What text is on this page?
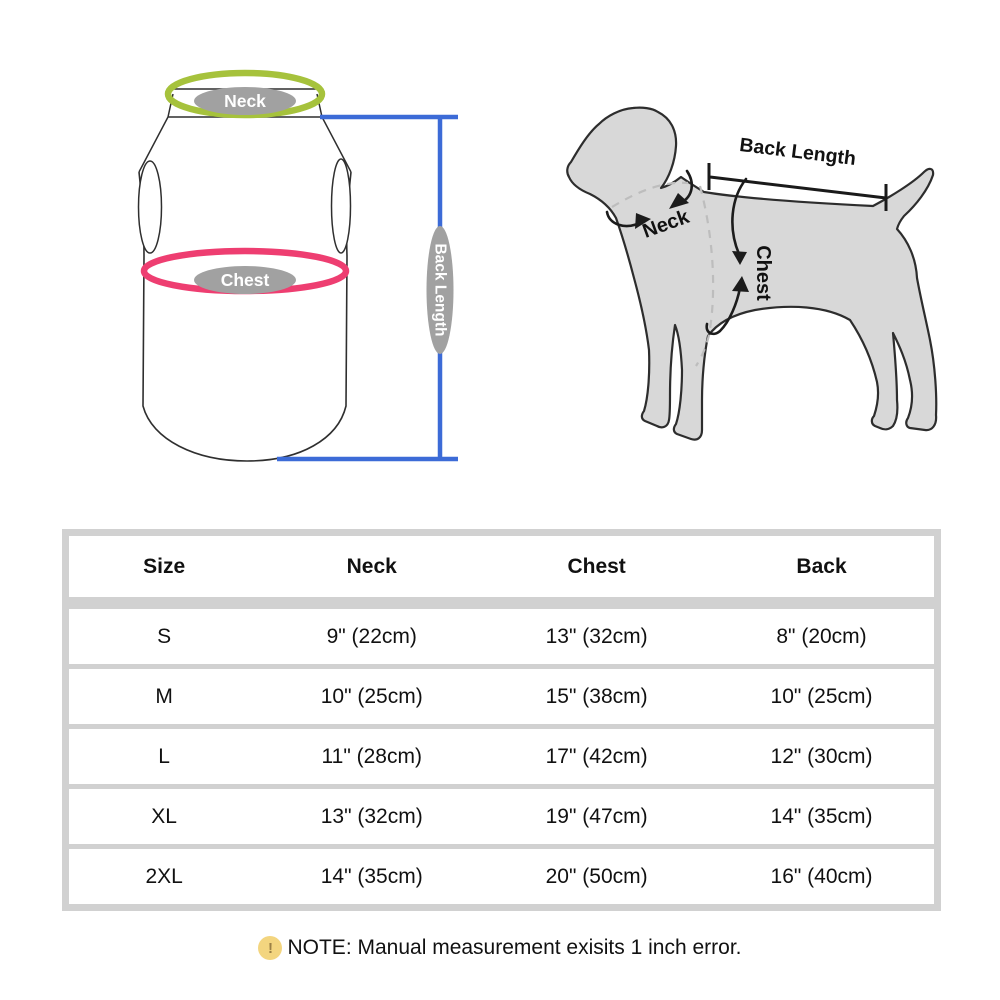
Neck
Chest	Back Length
Back Length
Neck
Chest
Size	Neck	Chest	Back
S	9" (22cm)	13" (32cm)	8" (20cm)
M	10" (25cm)	15" (38cm)	10" (25cm)
L	11" (28cm)	17" (42cm)	12" (30cm)
XL	13" (32cm)	19" (47cm)	14" (35cm)
2XL	14" (35cm)	20" (50cm)	16" (40cm)
! NOTE: Manual measurement exisits 1 inch error.
